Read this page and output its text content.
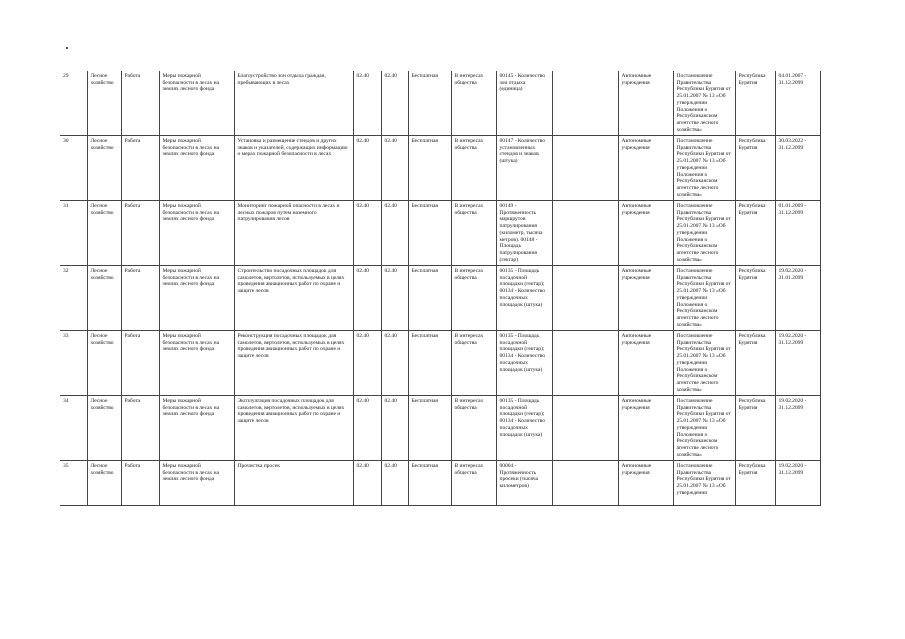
29	Лесное хозяйство	Работа	Меры пожарной безопасности в лесах на землях лесного фонда	Благоустройство зон отдыха граждан, пребывающих в лесах	02.40	02.40	Бесплатная	В интересах общества	00145 - Количество зон отдыха (единица)		Автономные учреждения	Постановление Правительства Республики Бурятия от 25.01.2007 № 13 «Об утверждении Положения о Республиканском агентстве лесного хозяйства»	Республика Бурятия	04.01.2007 - 31.12.2099
30	Лесное хозяйство	Работа	Меры пожарной безопасности в лесах на землях лесного фонда	Установка и размещение стендов и других знаков и указателей, содержащих информацию о мерах пожарной безопасности в лесах	02.40	02.40	Бесплатная	В интересах общества	00147 - Количество установленных стендов и знаков (штука)		Автономные учреждения	Постановление Правительства Республики Бурятия от 25.01.2007 № 13 «Об утверждении Положения о Республиканском агентстве лесного хозяйства»	Республика Бурятия	30.03.2022 - 31.12.2099
31	Лесное хозяйство	Работа	Меры пожарной безопасности в лесах на землях лесного фонда	Мониторинг пожарной опасности в лесах и лесных пожаров путем наземного патрулирования лесов	02.40	02.40	Бесплатная	В интересах общества	00149 - Протяженность маршрутов патрулирования (километр, тысяча метров). 00148 - Площадь патрулирования (гектар)		Автономные учреждения	Постановление Правительства Республики Бурятия от 25.01.2007 № 13 «Об утверждении Положения о Республиканском агентстве лесного хозяйства»	Республика Бурятия	01.01.2009 - 31.12.2099
32	Лесное хозяйство	Работа	Меры пожарной безопасности в лесах на землях лесного фонда	Строительство посадочных площадок для самолетов, вертолетов, используемых в целях проведения авиационных работ по охране и защите лесов	02.40	02.40	Бесплатная	В интересах общества	00135 - Площадь посадочной площадки (гектар); 00134 - Количество посадочных площадок (штука)		Автономные учреждения	Постановление Правительства Республики Бурятия от 25.01.2007 № 13 «Об утверждении Положения о Республиканском агентстве лесного хозяйства»	Республика Бурятия	19.02.2020 - 31.01.2099
33	Лесное хозяйство	Работа	Меры пожарной безопасности в лесах на землях лесного фонда	Реконструкция посадочных площадок для самолетов, вертолетов, используемых в целях проведения авиационных работ по охране и защите лесов	02.40	02.40	Бесплатная	В интересах общества	00135 - Площадь посадочной площадки (гектар); 00134 - Количество посадочных площадок (штука)		Автономные учреждения	Постановление Правительства Республики Бурятия от 25.01.2007 № 13 «Об утверждении Положения о Республиканском агентстве лесного хозяйства»	Республика Бурятия	19.02.2020 - 31.12.2099
34	Лесное хозяйство	Работа	Меры пожарной безопасности в лесах на землях лесного фонда	Эксплуатация посадочных площадок для самолетов, вертолетов, используемых в целях проведения авиационных работ по охране и защите лесов	02.40	02.40	Бесплатная	В интересах общества	00135 - Площадь посадочной площадки (гектар); 00134 - Количество посадочных площадок (штука)		Автономные учреждения	Постановление Правительства Республики Бурятия от 25.01.2007 № 13 «Об утверждении Положения о Республиканском агентстве лесного хозяйства»	Республика Бурятия	19.02.2020 - 31.12.2099
35	Лесное хозяйство	Работа	Меры пожарной безопасности в лесах на землях лесного фонда	Прочистка просек	02.40	02.40	Бесплатная	В интересах общества	00004 - Протяженность просеки (тысяча километров)		Автономные учреждения	Постановление Правительства Республики Бурятия от 25.01.2007 № 13 «Об утверждении	Республика Бурятия	19.02.2020 - 31.12.2099
